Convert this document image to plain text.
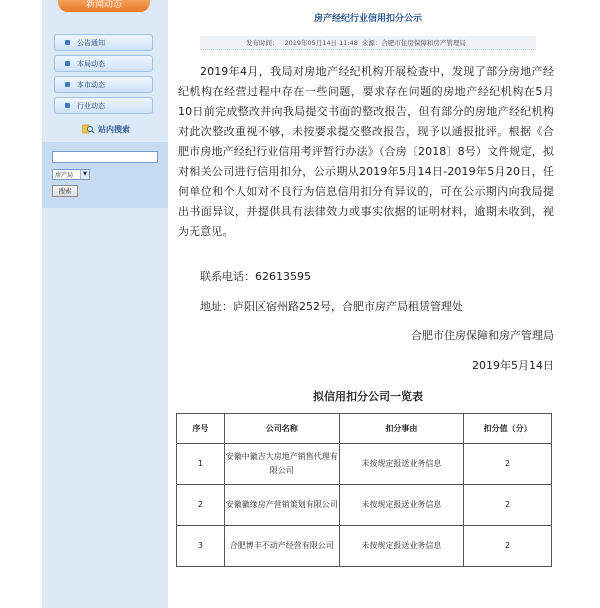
新闻动态
公告通知
本局动态
本市动态
行业动态
站内搜索
房产局	▼
搜索
房产经纪行业信用扣分公示
发布时间： 2019年05月14日 11:48 来源：合肥市住房保障和房产管理局

2019年4月，我局对房地产经纪机构开展检查中，发现了部分房地产经纪机构在经营过程中存在一些问题，要求存在问题的房地产经纪机构在5月10日前完成整改并向我局提交书面的整改报告，但有部分的房地产经纪机构对此次整改重视不够，未按要求提交整改报告，现予以通报批评。根据《合肥市房地产经纪行业信用考评暂行办法》（合房〔2018〕8号）文件规定，拟对相关公司进行信用扣分，公示期从2019年5月14日-2019年5月20日，任何单位和个人如对不良行为信息信用扣分有异议的，可在公示期内向我局提出书面异议，并提供具有法律效力或事实依据的证明材料，逾期未收到，视为无意见。

联系电话：62613595
地址：庐阳区宿州路252号，合肥市房产局租赁管理处
合肥市住房保障和房产管理局
2019年5月14日
拟信用扣分公司一览表
序号	公司名称	扣分事由	扣分值（分）
1	安徽中徽吉大房地产销售代理有限公司	未按规定报送业务信息	2
2	安徽徽缘房产营销策划有限公司	未按规定报送业务信息	2
3	合肥博丰不动产经营有限公司	未按规定报送业务信息	2
